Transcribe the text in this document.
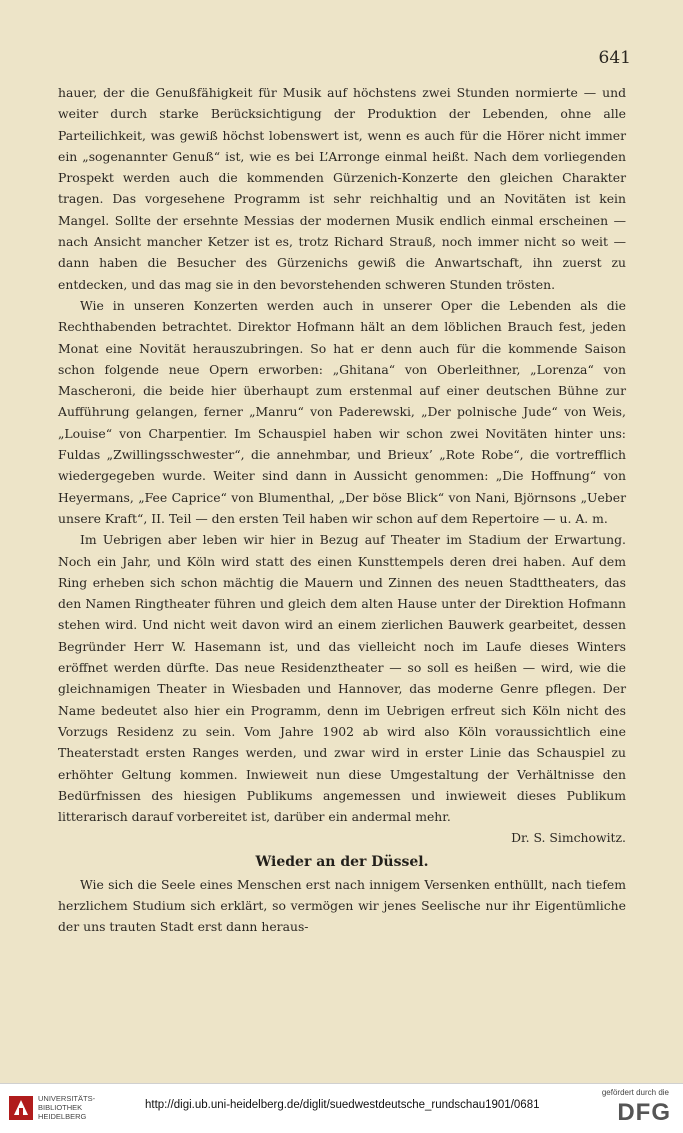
641

hauer, der die Genußfähigkeit für Musik auf höchstens zwei Stunden normierte — und weiter durch starke Berücksichtigung der Produktion der Lebenden, ohne alle Parteilichkeit, was gewiß höchst lobenswert ist, wenn es auch für die Hörer nicht immer ein „sogenannter Genuß“ ist, wie es bei L’Arronge einmal heißt. Nach dem vorliegenden Prospekt werden auch die kommenden Gürzenich-Konzerte den gleichen Charakter tragen. Das vorgesehene Programm ist sehr reichhaltig und an Novitäten ist kein Mangel. Sollte der ersehnte Messias der modernen Musik endlich einmal erscheinen — nach Ansicht mancher Ketzer ist es, trotz Richard Strauß, noch immer nicht so weit — dann haben die Besucher des Gürzenichs gewiß die Anwartschaft, ihn zuerst zu entdecken, und das mag sie in den bevorstehenden schweren Stunden trösten.

Wie in unseren Konzerten werden auch in unserer Oper die Lebenden als die Rechthabenden betrachtet. Direktor Hofmann hält an dem löblichen Brauch fest, jeden Monat eine Novität herauszubringen. So hat er denn auch für die kommende Saison schon folgende neue Opern erworben: „Ghitana“ von Oberleithner, „Lorenza“ von Mascheroni, die beide hier überhaupt zum erstenmal auf einer deutschen Bühne zur Aufführung gelangen, ferner „Manru“ von Paderewski, „Der polnische Jude“ von Weis, „Louise“ von Charpentier. Im Schauspiel haben wir schon zwei Novitäten hinter uns: Fuldas „Zwillingsschwester“, die annehmbar, und Brieux’ „Rote Robe“, die vortrefflich wiedergegeben wurde. Weiter sind dann in Aussicht genommen: „Die Hoffnung“ von Heyermans, „Fee Caprice“ von Blumenthal, „Der böse Blick“ von Nani, Björnsons „Ueber unsere Kraft“, II. Teil — den ersten Teil haben wir schon auf dem Repertoire — u. A. m.

Im Uebrigen aber leben wir hier in Bezug auf Theater im Stadium der Erwartung. Noch ein Jahr, und Köln wird statt des einen Kunsttempels deren drei haben. Auf dem Ring erheben sich schon mächtig die Mauern und Zinnen des neuen Stadttheaters, das den Namen Ringtheater führen und gleich dem alten Hause unter der Direktion Hofmann stehen wird. Und nicht weit davon wird an einem zierlichen Bauwerk gearbeitet, dessen Begründer Herr W. Hasemann ist, und das vielleicht noch im Laufe dieses Winters eröffnet werden dürfte. Das neue Residenztheater — so soll es heißen — wird, wie die gleichnamigen Theater in Wiesbaden und Hannover, das moderne Genre pflegen. Der Name bedeutet also hier ein Programm, denn im Uebrigen erfreut sich Köln nicht des Vorzugs Residenz zu sein. Vom Jahre 1902 ab wird also Köln voraussichtlich eine Theaterstadt ersten Ranges werden, und zwar wird in erster Linie das Schauspiel zu erhöhter Geltung kommen. Inwieweit nun diese Umgestaltung der Verhältnisse den Bedürfnissen des hiesigen Publikums angemessen und inwieweit dieses Publikum litterarisch darauf vorbereitet ist, darüber ein andermal mehr.

Dr. S. Simchowitz.

Wieder an der Düssel.

Wie sich die Seele eines Menschen erst nach innigem Versenken enthüllt, nach tiefem herzlichem Studium sich erklärt, so vermögen wir jenes Seelische nur ihr Eigentümliche der uns trauten Stadt erst dann heraus-

UNIVERSITÄTS-
BIBLIOTHEK
HEIDELBERG
http://digi.ub.uni-heidelberg.de/diglit/suedwestdeutsche_rundschau1901/0681
gefördert durch die
DFG
